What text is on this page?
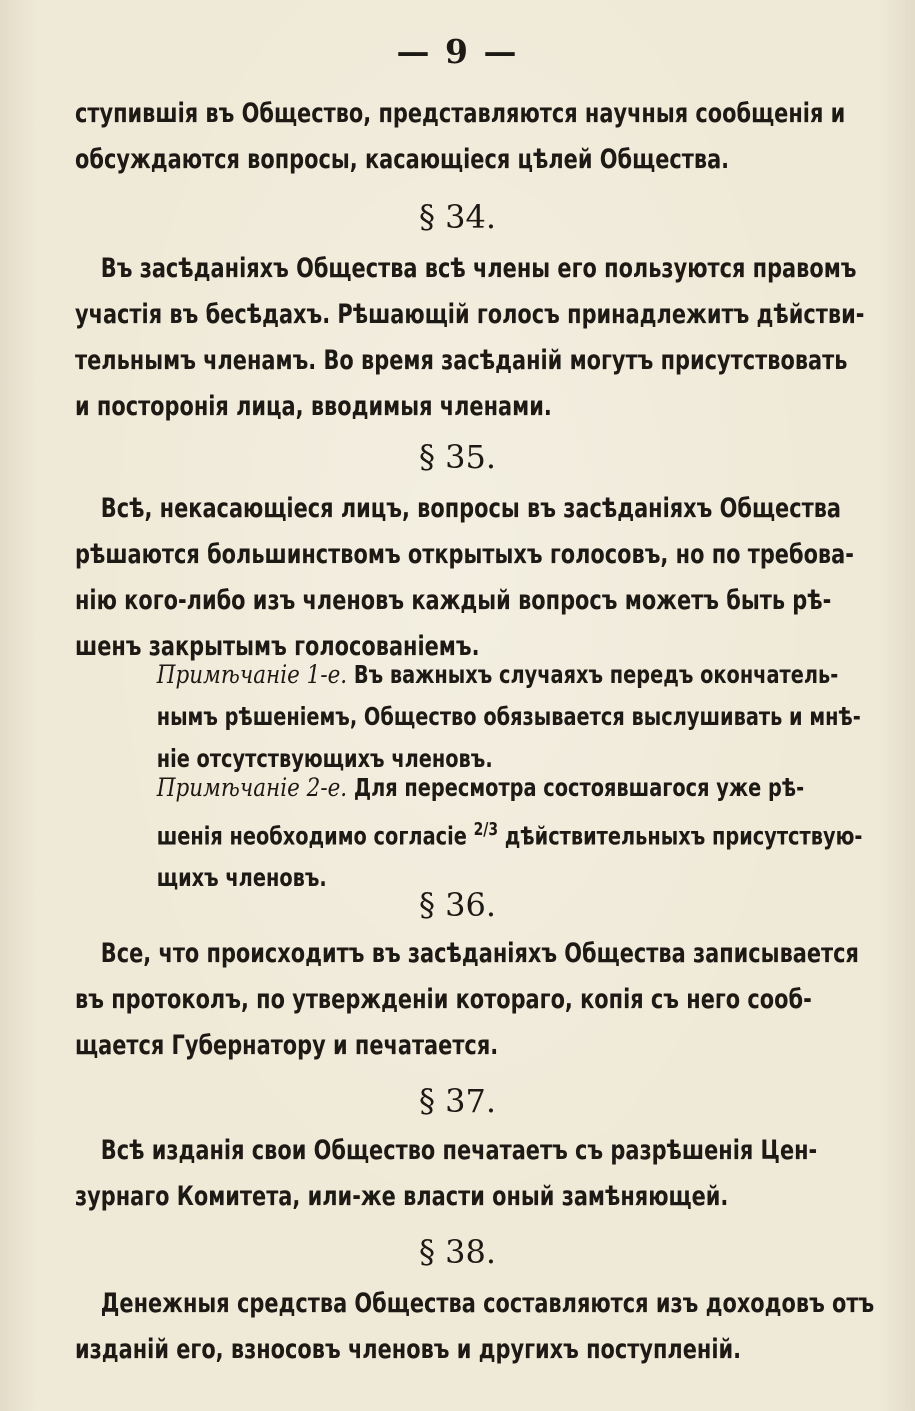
— 9 —
ступившiя въ Общество, представляются научныя сообщенiя и
обсуждаются вопросы, касающiеся цѣлей Общества.
§ 34.
Въ засѣданiяхъ Общества всѣ члены его пользуются правомъ
участiя въ бесѣдахъ. Рѣшающiй голосъ принадлежитъ дѣйстви-
тельнымъ членамъ. Во время засѣданiй могутъ присутствовать
и посторонiя лица, вводимыя членами.
§ 35.
Всѣ, некасающiеся лицъ, вопросы въ засѣданiяхъ Общества
рѣшаются большинствомъ открытыхъ голосовъ, но по требова-
нiю кого-либо изъ членовъ каждый вопросъ можетъ быть рѣ-
шенъ закрытымъ голосованiемъ.
Примѣчанiе 1-е. Въ важныхъ случаяхъ передъ окончатель-
нымъ рѣшенiемъ, Общество обязывается выслушивать и мнѣ-
нiе отсутствующихъ членовъ.
Примѣчанiе 2-е. Для пересмотра состоявшагося уже рѣ-
шенiя необходимо согласiе $^{2/3}$ дѣйствительныхъ присутствую-
щихъ членовъ.
§ 36.
Все, что происходитъ въ засѣданiяхъ Общества записывается
въ протоколъ, по утвержденiи котораго, копiя съ него сооб-
щается Губернатору и печатается.
§ 37.
Всѣ изданiя свои Общество печатаетъ съ разрѣшенiя Цен-
зурнаго Комитета, или-же власти оный замѣняющей.
§ 38.
Денежныя средства Общества составляются изъ доходовъ отъ
изданiй его, взносовъ членовъ и другихъ поступленiй.
